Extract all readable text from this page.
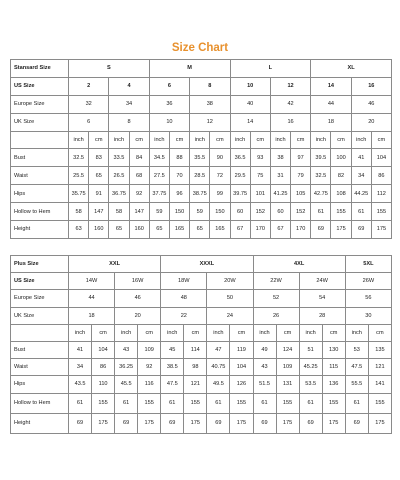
Size Chart
Stansard Size	S				M				L				XL			
US Size	2		4		6		8		10		12		14		16	
Europe Size	32		34		36		38		40		42		44		46	
UK Size	6		8		10		12		14		16		18		20	
	inch	cm	inch	cm	inch	cm	inch	cm	inch	cm	inch	cm	inch	cm	inch	cm
Bust	32.5	83	33.5	84	34.5	88	35.5	90	36.5	93	38	97	39.5	100	41	104
Waist	25.5	65	26.5	68	27.5	70	28.5	72	29.5	75	31	79	32.5	82	34	86
Hips	35.75	91	36.75	92	37.75	96	38.75	99	39.75	101	41.25	105	42.75	108	44.25	112
Hollow to Hem	58	147	58	147	59	150	59	150	60	152	60	152	61	155	61	155
Height	63	160	65	160	65	165	65	165	67	170	67	170	69	175	69	175
Plus Size	XXL				XXXL				4XL				5XL	
US Size	14W		16W		18W		20W		22W		24W		26W	
Europe Size	44		46		48		50		52		54		56	
UK Size	18		20		22		24		26		28		30	
	inch	cm	inch	cm	inch	cm	inch	cm	inch	cm	inch	cm	inch	cm
Bust	41	104	43	109	45	114	47	119	49	124	51	130	53	135
Waist	34	86	36.25	92	38.5	98	40.75	104	43	109	45.25	115	47.5	121
Hips	43.5	110	45.5	116	47.5	121	49.5	126	51.5	131	53.5	136	55.5	141
Hollow to Hem	61	155	61	155	61	155	61	155	61	155	61	155	61	155
Height	69	175	69	175	69	175	69	175	69	175	69	175	69	175
